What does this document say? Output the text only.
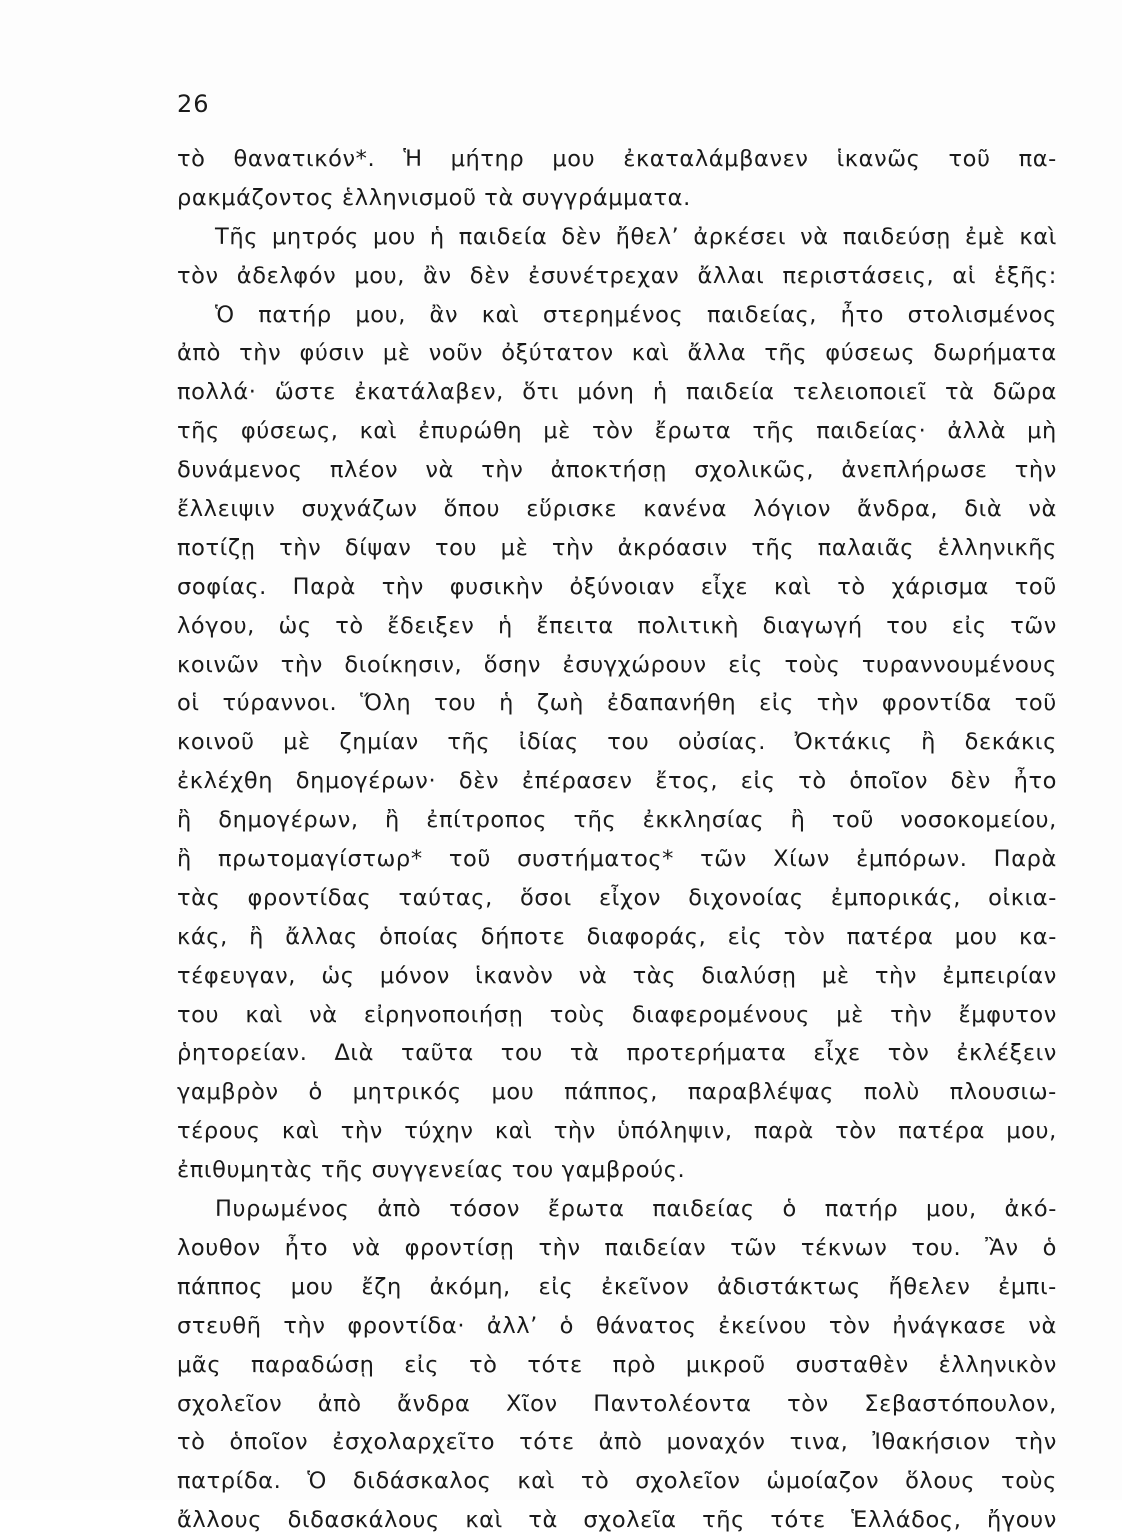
26
τὸ θανατικόν*. Ἡ μήτηρ μου ἐκαταλάμβανεν ἱκανῶς τοῦ πα-
ρακμάζοντος ἑλληνισμοῦ τὰ συγγράμματα.
Τῆς μητρός μου ἡ παιδεία δὲν ἤθελ’ ἀρκέσει νὰ παιδεύσῃ ἐμὲ καὶ
τὸν ἀδελφόν μου, ἂν δὲν ἐσυνέτρεχαν ἄλλαι περιστάσεις, αἱ ἑξῆς:
Ὁ πατήρ μου, ἂν καὶ στερημένος παιδείας, ἦτο στολισμένος
ἀπὸ τὴν φύσιν μὲ νοῦν ὀξύτατον καὶ ἄλλα τῆς φύσεως δωρήματα
πολλά· ὥστε ἐκατάλαβεν, ὅτι μόνη ἡ παιδεία τελειοποιεῖ τὰ δῶρα
τῆς φύσεως, καὶ ἐπυρώθη μὲ τὸν ἔρωτα τῆς παιδείας· ἀλλὰ μὴ
δυνάμενος πλέον νὰ τὴν ἀποκτήσῃ σχολικῶς, ἀνεπλήρωσε τὴν
ἔλλειψιν συχνάζων ὅπου εὕρισκε κανένα λόγιον ἄνδρα, διὰ νὰ
ποτίζῃ τὴν δίψαν του μὲ τὴν ἀκρόασιν τῆς παλαιᾶς ἑλληνικῆς
σοφίας. Παρὰ τὴν φυσικὴν ὀξύνοιαν εἶχε καὶ τὸ χάρισμα τοῦ
λόγου, ὡς τὸ ἔδειξεν ἡ ἔπειτα πολιτικὴ διαγωγή του εἰς τῶν
κοινῶν τὴν διοίκησιν, ὅσην ἐσυγχώρουν εἰς τοὺς τυραννουμένους
οἱ τύραννοι. Ὅλη του ἡ ζωὴ ἐδαπανήθη εἰς τὴν φροντίδα τοῦ
κοινοῦ μὲ ζημίαν τῆς ἰδίας του οὐσίας. Ὀκτάκις ἢ δεκάκις
ἐκλέχθη δημογέρων· δὲν ἐπέρασεν ἔτος, εἰς τὸ ὁποῖον δὲν ἦτο
ἢ δημογέρων, ἢ ἐπίτροπος τῆς ἐκκλησίας ἢ τοῦ νοσοκομείου,
ἢ πρωτομαγίστωρ* τοῦ συστήματος* τῶν Χίων ἐμπόρων. Παρὰ
τὰς φροντίδας ταύτας, ὅσοι εἶχον διχονοίας ἐμπορικάς, οἰκια-
κάς, ἢ ἄλλας ὁποίας δήποτε διαφοράς, εἰς τὸν πατέρα μου κα-
τέφευγαν, ὡς μόνον ἱκανὸν νὰ τὰς διαλύσῃ μὲ τὴν ἐμπειρίαν
του καὶ νὰ εἰρηνοποιήσῃ τοὺς διαφερομένους μὲ τὴν ἔμφυτον
ῥητορείαν. Διὰ ταῦτα του τὰ προτερήματα εἶχε τὸν ἐκλέξειν
γαμβρὸν ὁ μητρικός μου πάππος, παραβλέψας πολὺ πλουσιω-
τέρους καὶ τὴν τύχην καὶ τὴν ὑπόληψιν, παρὰ τὸν πατέρα μου,
ἐπιθυμητὰς τῆς συγγενείας του γαμβρούς.
Πυρωμένος ἀπὸ τόσον ἔρωτα παιδείας ὁ πατήρ μου, ἀκό-
λουθον ἦτο νὰ φροντίσῃ τὴν παιδείαν τῶν τέκνων του. Ἂν ὁ
πάππος μου ἔζη ἀκόμη, εἰς ἐκεῖνον ἀδιστάκτως ἤθελεν ἐμπι-
στευθῆ τὴν φροντίδα· ἀλλ’ ὁ θάνατος ἐκείνου τὸν ἠνάγκασε νὰ
μᾶς παραδώσῃ εἰς τὸ τότε πρὸ μικροῦ συσταθὲν ἑλληνικὸν
σχολεῖον ἀπὸ ἄνδρα Χῖον Παντολέοντα τὸν Σεβαστόπουλον,
τὸ ὁποῖον ἐσχολαρχεῖτο τότε ἀπὸ μοναχόν τινα, Ἰθακήσιον τὴν
πατρίδα. Ὁ διδάσκαλος καὶ τὸ σχολεῖον ὡμοίαζον ὅλους τοὺς
ἄλλους διδασκάλους καὶ τὰ σχολεῖα τῆς τότε Ἑλλάδος, ἤγουν
